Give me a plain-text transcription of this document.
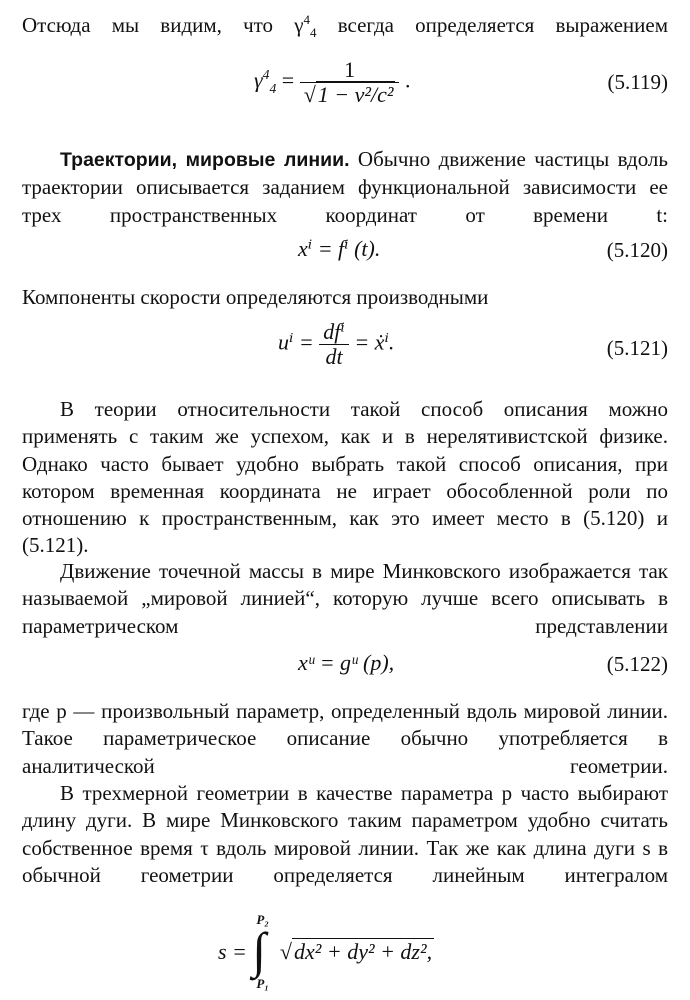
Отсюда мы видим, что $\gamma^4_4$ всегда определяется выражением
$\gamma^4_4 = \frac{1}{\text{√1 − v²/c²}}$ .	(5.119)
Траектории, мировые линии. Обычно движение частицы вдоль траектории описывается заданием функциональной зависимости ее трех пространственных координат от времени t:
xⁱ = fⁱ (t).	(5.120)
Компоненты скорости определяются производными
$u^i = \frac{\text{dfⁱ}}{dt}$ = ẋⁱ.	(5.121)
В теории относительности такой способ описания можно применять с таким же успехом, как и в нерелятивистской физике. Однако часто бывает удобно выбрать такой способ описания, при котором временная координата не играет обособленной роли по отношению к пространственным, как это имеет место в (5.120) и (5.121).
Движение точечной массы в мире Минковского изображается так называемой „мировой линией“, которую лучше всего описывать в параметрическом представлении
xᵘ = gᵘ (p),	(5.122)
где p — произвольный параметр, определенный вдоль мировой линии. Такое параметрическое описание обычно употребляется в аналитической геометрии.
В трехмерной геометрии в качестве параметра p часто выбирают длину дуги. В мире Минковского таким параметром удобно считать собственное время τ вдоль мировой линии. Так же как длина дуги s в обычной геометрии определяется линейным интегралом
s =
P₂
∫
P₁
√dx² + dy² + dz²,
